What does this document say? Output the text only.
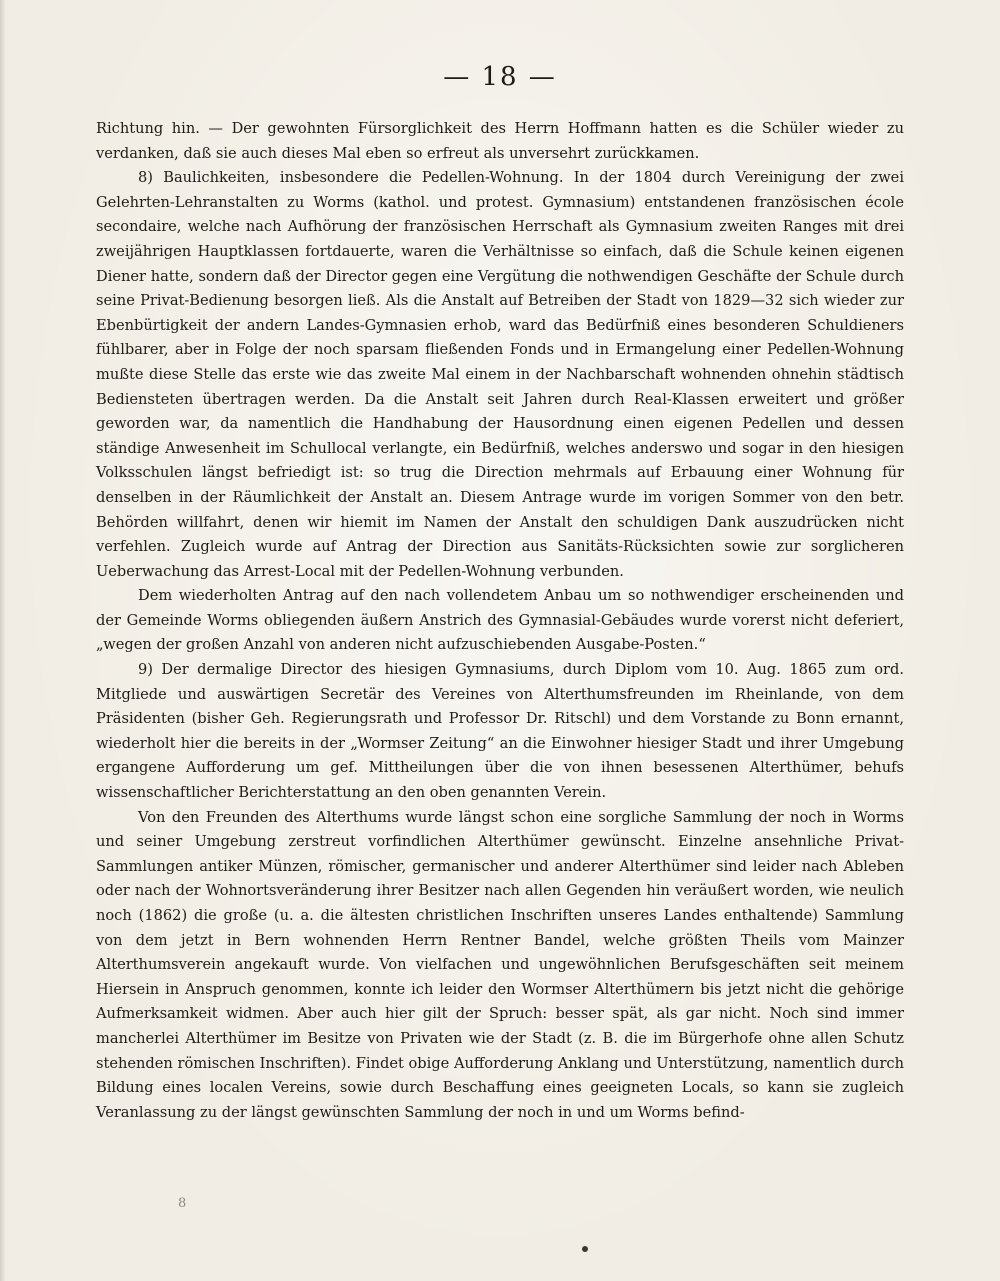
— 18 —

Richtung hin. — Der gewohnten Fürsorglichkeit des Herrn Hoffmann hatten es die Schüler wieder zu verdanken, daß sie auch dieses Mal eben so erfreut als unversehrt zurückkamen.

8) Baulichkeiten, insbesondere die Pedellen-Wohnung. In der 1804 durch Vereinigung der zwei Gelehrten-Lehranstalten zu Worms (kathol. und protest. Gymnasium) entstandenen französischen école secondaire, welche nach Aufhörung der französischen Herrschaft als Gymnasium zweiten Ranges mit drei zweijährigen Hauptklassen fortdauerte, waren die Verhältnisse so einfach, daß die Schule keinen eigenen Diener hatte, sondern daß der Director gegen eine Vergütung die nothwendigen Geschäfte der Schule durch seine Privat-Bedienung besorgen ließ. Als die Anstalt auf Betreiben der Stadt von 1829—32 sich wieder zur Ebenbürtigkeit der andern Landes-Gymnasien erhob, ward das Bedürfniß eines besonderen Schuldieners fühlbarer, aber in Folge der noch sparsam fließenden Fonds und in Ermangelung einer Pedellen-Wohnung mußte diese Stelle das erste wie das zweite Mal einem in der Nachbarschaft wohnenden ohnehin städtisch Bediensteten übertragen werden. Da die Anstalt seit Jahren durch Real-Klassen erweitert und größer geworden war, da namentlich die Handhabung der Hausordnung einen eigenen Pedellen und dessen ständige Anwesenheit im Schullocal verlangte, ein Bedürfniß, welches anderswo und sogar in den hiesigen Volksschulen längst befriedigt ist: so trug die Direction mehrmals auf Erbauung einer Wohnung für denselben in der Räumlichkeit der Anstalt an. Diesem Antrage wurde im vorigen Sommer von den betr. Behörden willfahrt, denen wir hiemit im Namen der Anstalt den schuldigen Dank auszudrücken nicht verfehlen. Zugleich wurde auf Antrag der Direction aus Sanitäts-Rücksichten sowie zur sorglicheren Ueberwachung das Arrest-Local mit der Pedellen-Wohnung verbunden.

Dem wiederholten Antrag auf den nach vollendetem Anbau um so nothwendiger erscheinenden und der Gemeinde Worms obliegenden äußern Anstrich des Gymnasial-Gebäudes wurde vorerst nicht deferiert, „wegen der großen Anzahl von anderen nicht aufzuschiebenden Ausgabe-Posten.“

9) Der dermalige Director des hiesigen Gymnasiums, durch Diplom vom 10. Aug. 1865 zum ord. Mitgliede und auswärtigen Secretär des Vereines von Alterthumsfreunden im Rheinlande, von dem Präsidenten (bisher Geh. Regierungsrath und Professor Dr. Ritschl) und dem Vorstande zu Bonn ernannt, wiederholt hier die bereits in der „Wormser Zeitung“ an die Einwohner hiesiger Stadt und ihrer Umgebung ergangene Aufforderung um gef. Mittheilungen über die von ihnen besessenen Alterthümer, behufs wissenschaftlicher Berichterstattung an den oben genannten Verein.

Von den Freunden des Alterthums wurde längst schon eine sorgliche Sammlung der noch in Worms und seiner Umgebung zerstreut vorfindlichen Alterthümer gewünscht. Einzelne ansehnliche Privat-Sammlungen antiker Münzen, römischer, germanischer und anderer Alterthümer sind leider nach Ableben oder nach der Wohnortsveränderung ihrer Besitzer nach allen Gegenden hin veräußert worden, wie neulich noch (1862) die große (u. a. die ältesten christlichen Inschriften unseres Landes enthaltende) Sammlung von dem jetzt in Bern wohnenden Herrn Rentner Bandel, welche größten Theils vom Mainzer Alterthumsverein angekauft wurde. Von vielfachen und ungewöhnlichen Berufsgeschäften seit meinem Hiersein in Anspruch genommen, konnte ich leider den Wormser Alterthümern bis jetzt nicht die gehörige Aufmerksamkeit widmen. Aber auch hier gilt der Spruch: besser spät, als gar nicht. Noch sind immer mancherlei Alterthümer im Besitze von Privaten wie der Stadt (z. B. die im Bürgerhofe ohne allen Schutz stehenden römischen Inschriften). Findet obige Aufforderung Anklang und Unterstützung, namentlich durch Bildung eines localen Vereins, sowie durch Beschaffung eines geeigneten Locals, so kann sie zugleich Veranlassung zu der längst gewünschten Sammlung der noch in und um Worms befind-

8
